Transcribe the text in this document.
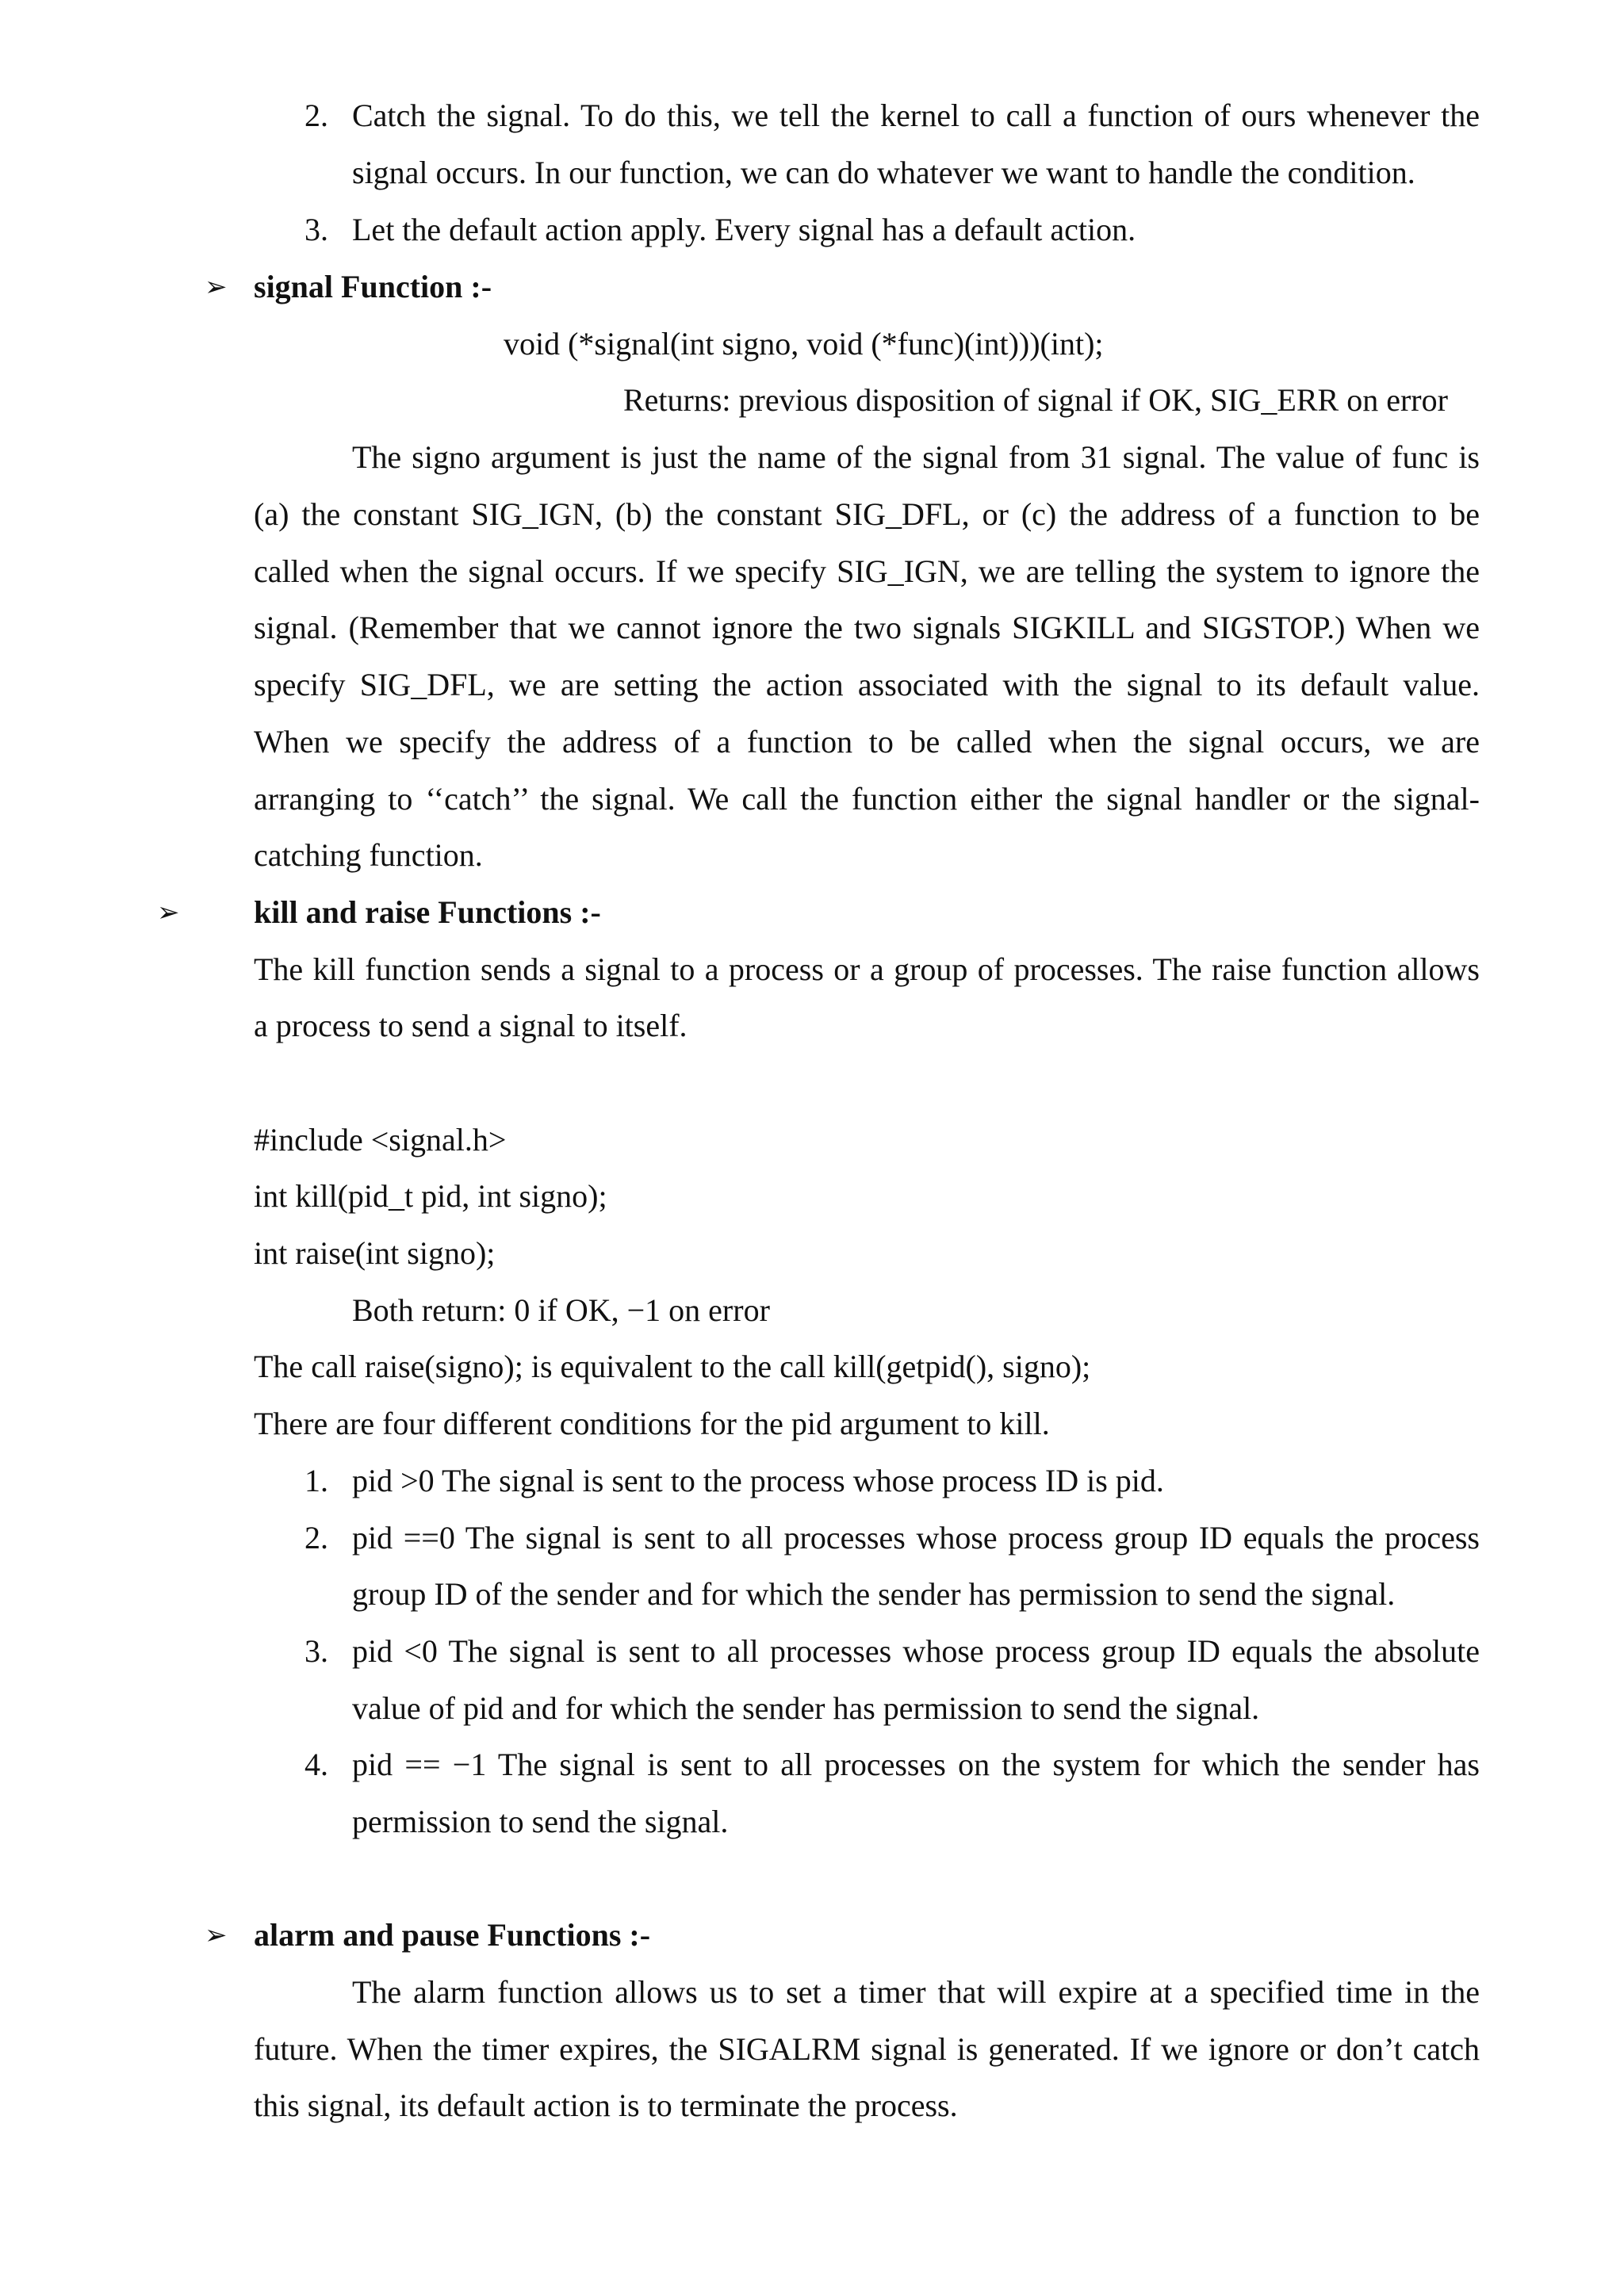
2. Catch the signal. To do this, we tell the kernel to call a function of ours whenever the
signal occurs. In our function, we can do whatever we want to handle the condition.
3. Let the default action apply. Every signal has a default action.
➢ signal Function :-
void (*signal(int signo, void (*func)(int)))(int);
Returns: previous disposition of signal if OK, SIG_ERR on error
The signo argument is just the name of the signal from 31 signal. The value of func is
(a) the constant SIG_IGN, (b) the constant SIG_DFL, or (c) the address of a function to be
called when the signal occurs. If we specify SIG_IGN, we are telling the system to ignore the
signal. (Remember that we cannot ignore the two signals SIGKILL and SIGSTOP.) When we
specify SIG_DFL, we are setting the action associated with the signal to its default value.
When we specify the address of a function to be called when the signal occurs, we are
arranging to ‘‘catch’’ the signal. We call the function either the signal handler or the signal-
catching function.
➢ kill and raise Functions :-
The kill function sends a signal to a process or a group of processes. The raise function allows
a process to send a signal to itself.
#include <signal.h>
int kill(pid_t pid, int signo);
int raise(int signo);
Both return: 0 if OK, −1 on error
The call raise(signo); is equivalent to the call kill(getpid(), signo);
There are four different conditions for the pid argument to kill.
1. pid >0 The signal is sent to the process whose process ID is pid.
2. pid ==0 The signal is sent to all processes whose process group ID equals the process
group ID of the sender and for which the sender has permission to send the signal.
3. pid <0 The signal is sent to all processes whose process group ID equals the absolute
value of pid and for which the sender has permission to send the signal.
4. pid == −1 The signal is sent to all processes on the system for which the sender has
permission to send the signal.
➢ alarm and pause Functions :-
The alarm function allows us to set a timer that will expire at a specified time in the
future. When the timer expires, the SIGALRM signal is generated. If we ignore or don’t catch
this signal, its default action is to terminate the process.
